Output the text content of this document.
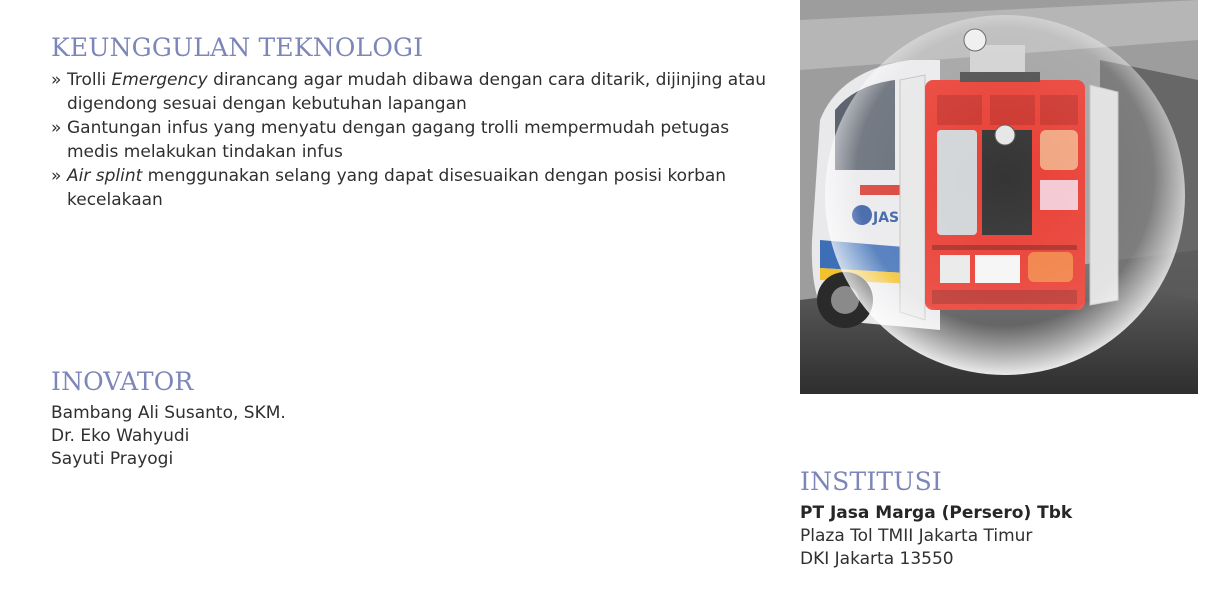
KEUNGGULAN TEKNOLOGI
» Trolli Emergency dirancang agar mudah dibawa dengan cara ditarik, dijinjing atau digendong sesuai dengan kebutuhan lapangan
» Gantungan infus yang menyatu dengan gagang trolli mempermudah petugas medis melakukan tindakan infus
» Air splint menggunakan selang yang dapat disesuaikan dengan posisi korban kecelakaan
INOVATOR
Bambang Ali Susanto, SKM.
Dr. Eko Wahyudi
Sayuti Prayogi
INSTITUSI
PT Jasa Marga (Persero) Tbk
Plaza Tol TMII Jakarta Timur
DKI Jakarta 13550
